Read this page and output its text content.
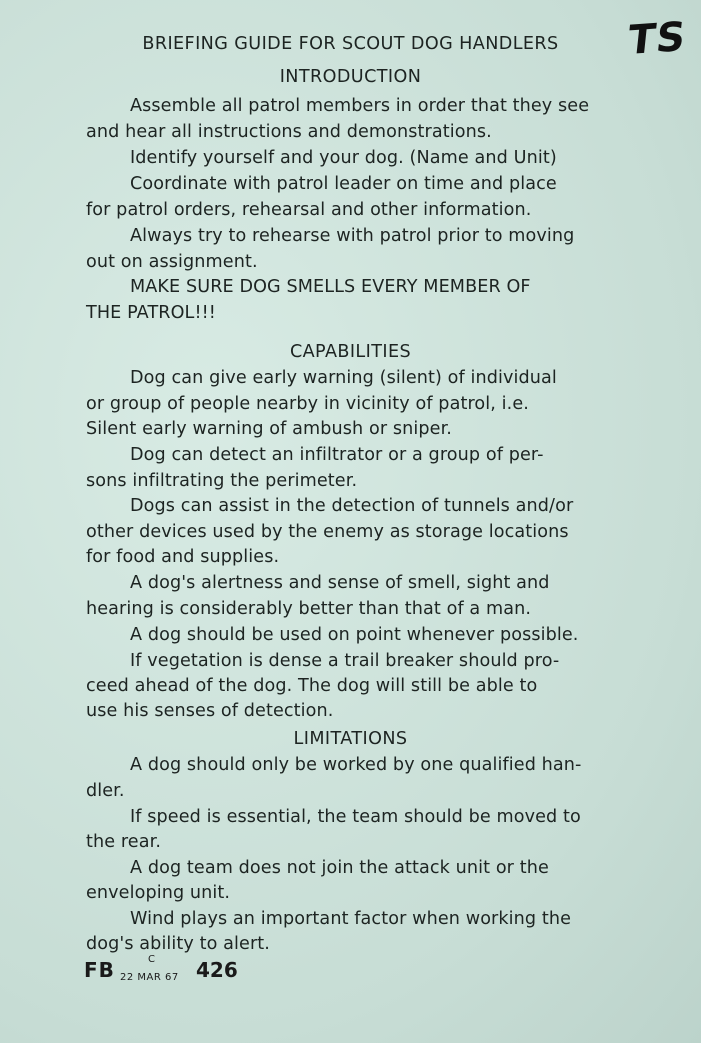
TS
BRIEFING GUIDE FOR SCOUT DOG HANDLERS
INTRODUCTION
Assemble all patrol members in order that they see
and hear all instructions and demonstrations.
Identify yourself and your dog. (Name and Unit)
Coordinate with patrol leader on time and place
for patrol orders, rehearsal and other information.
Always try to rehearse with patrol prior to moving
out on assignment.
MAKE SURE DOG SMELLS EVERY MEMBER OF
THE PATROL!!!
CAPABILITIES
Dog can give early warning (silent) of individual
or group of people nearby in vicinity of patrol, i.e.
Silent early warning of ambush or sniper.
Dog can detect an infiltrator or a group of per-
sons infiltrating the perimeter.
Dogs can assist in the detection of tunnels and/or
other devices used by the enemy as storage locations
for food and supplies.
A dog's alertness and sense of smell, sight and
hearing is considerably better than that of a man.
A dog should be used on point whenever possible.
If vegetation is dense a trail breaker should pro-
ceed ahead of the dog. The dog will still be able to
use his senses of detection.
LIMITATIONS
A dog should only be worked by one qualified han-
dler.
If speed is essential, the team should be moved to
the rear.
A dog team does not join the attack unit or the
enveloping unit.
Wind plays an important factor when working the
dog's ability to alert.
FB	C
22 MAR 67 426
